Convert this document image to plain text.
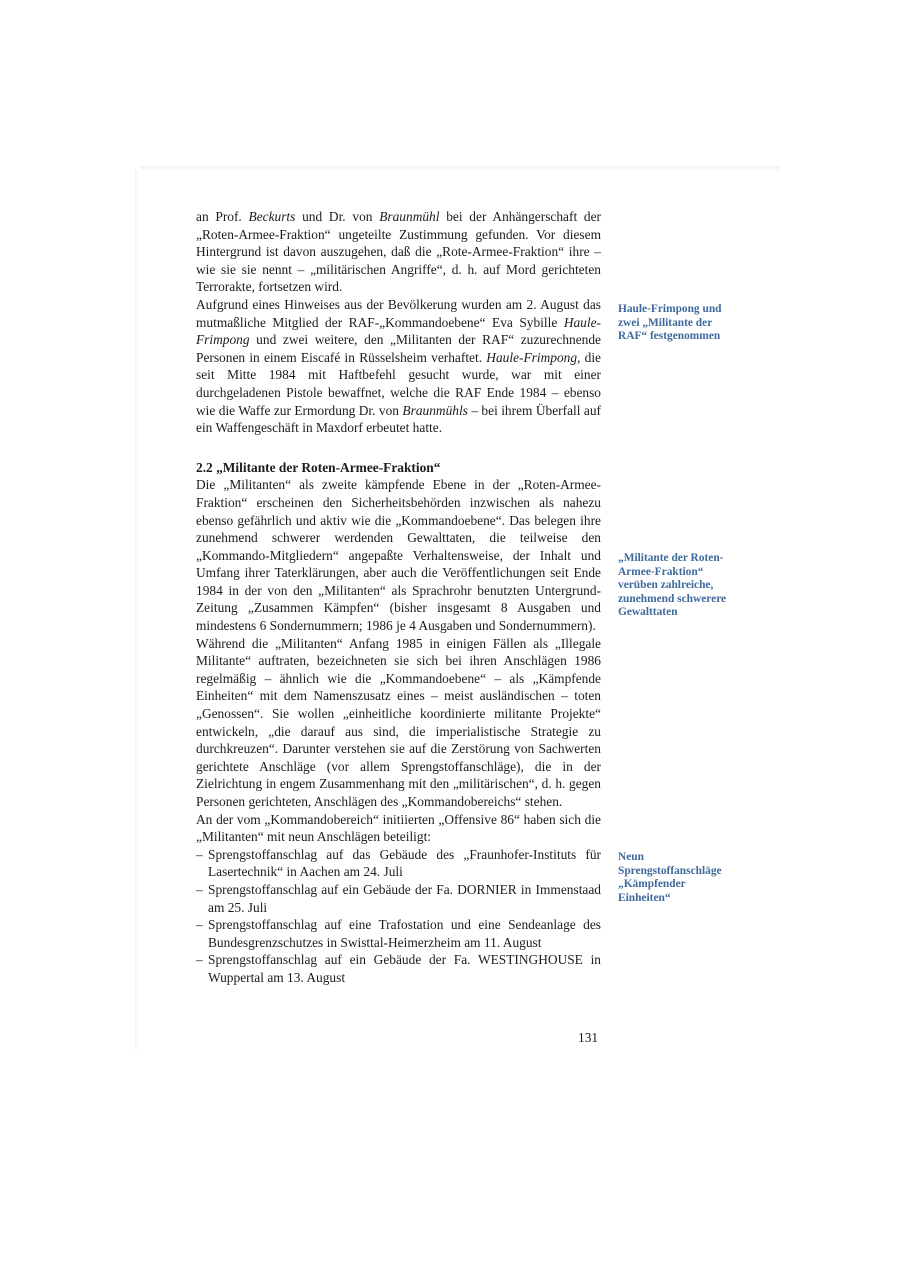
an Prof. Beckurts und Dr. von Braunmühl bei der Anhängerschaft der „Roten-Armee-Fraktion“ ungeteilte Zustimmung gefunden. Vor diesem Hintergrund ist davon auszugehen, daß die „Rote-Armee-Fraktion“ ihre – wie sie sie nennt – „militärischen Angriffe“, d. h. auf Mord gerichteten Terrorakte, fortsetzen wird.

Aufgrund eines Hinweises aus der Bevölkerung wurden am 2. August das mutmaßliche Mitglied der RAF-„Kommandoebene“ Eva Sybille Haule-Frimpong und zwei weitere, den „Militanten der RAF“ zuzurechnende Personen in einem Eiscafé in Rüsselsheim verhaftet. Haule-Frimpong, die seit Mitte 1984 mit Haftbefehl gesucht wurde, war mit einer durchgeladenen Pistole bewaffnet, welche die RAF Ende 1984 – ebenso wie die Waffe zur Ermordung Dr. von Braunmühls – bei ihrem Überfall auf ein Waffengeschäft in Maxdorf erbeutet hatte.

2.2 „Militante der Roten-Armee-Fraktion“

Die „Militanten“ als zweite kämpfende Ebene in der „Roten-Armee-Fraktion“ erscheinen den Sicherheitsbehörden inzwischen als nahezu ebenso gefährlich und aktiv wie die „Kommandoebene“. Das belegen ihre zunehmend schwerer werdenden Gewalttaten, die teilweise den „Kommando-Mitgliedern“ angepaßte Verhaltensweise, der Inhalt und Umfang ihrer Taterklärungen, aber auch die Veröffentlichungen seit Ende 1984 in der von den „Militanten“ als Sprachrohr benutzten Untergrund-Zeitung „Zusammen Kämpfen“ (bisher insgesamt 8 Ausgaben und mindestens 6 Sondernummern; 1986 je 4 Ausgaben und Sondernummern).

Während die „Militanten“ Anfang 1985 in einigen Fällen als „Illegale Militante“ auftraten, bezeichneten sie sich bei ihren Anschlägen 1986 regelmäßig – ähnlich wie die „Kommandoebene“ – als „Kämpfende Einheiten“ mit dem Namenszusatz eines – meist ausländischen – toten „Genossen“. Sie wollen „einheitliche koordinierte militante Projekte“ entwickeln, „die darauf aus sind, die imperialistische Strategie zu durchkreuzen“. Darunter verstehen sie auf die Zerstörung von Sachwerten gerichtete Anschläge (vor allem Sprengstoffanschläge), die in der Zielrichtung in engem Zusammenhang mit den „militärischen“, d. h. gegen Personen gerichteten, Anschlägen des „Kommandobereichs“ stehen.

An der vom „Kommandobereich“ initiierten „Offensive 86“ haben sich die „Militanten“ mit neun Anschlägen beteiligt:

– Sprengstoffanschlag auf das Gebäude des „Fraunhofer-Instituts für Lasertechnik“ in Aachen am 24. Juli
– Sprengstoffanschlag auf ein Gebäude der Fa. DORNIER in Immenstaad am 25. Juli
– Sprengstoffanschlag auf eine Trafostation und eine Sendeanlage des Bundesgrenzschutzes in Swisttal-Heimerzheim am 11. August
– Sprengstoffanschlag auf ein Gebäude der Fa. WESTINGHOUSE in Wuppertal am 13. August
Haule-Frimpong und zwei „Militante der RAF“ festgenommen
„Militante der Roten-Armee-Fraktion“ verüben zahlreiche, zunehmend schwerere Gewalttaten
Neun Sprengstoffanschläge „Kämpfender Einheiten“
131
